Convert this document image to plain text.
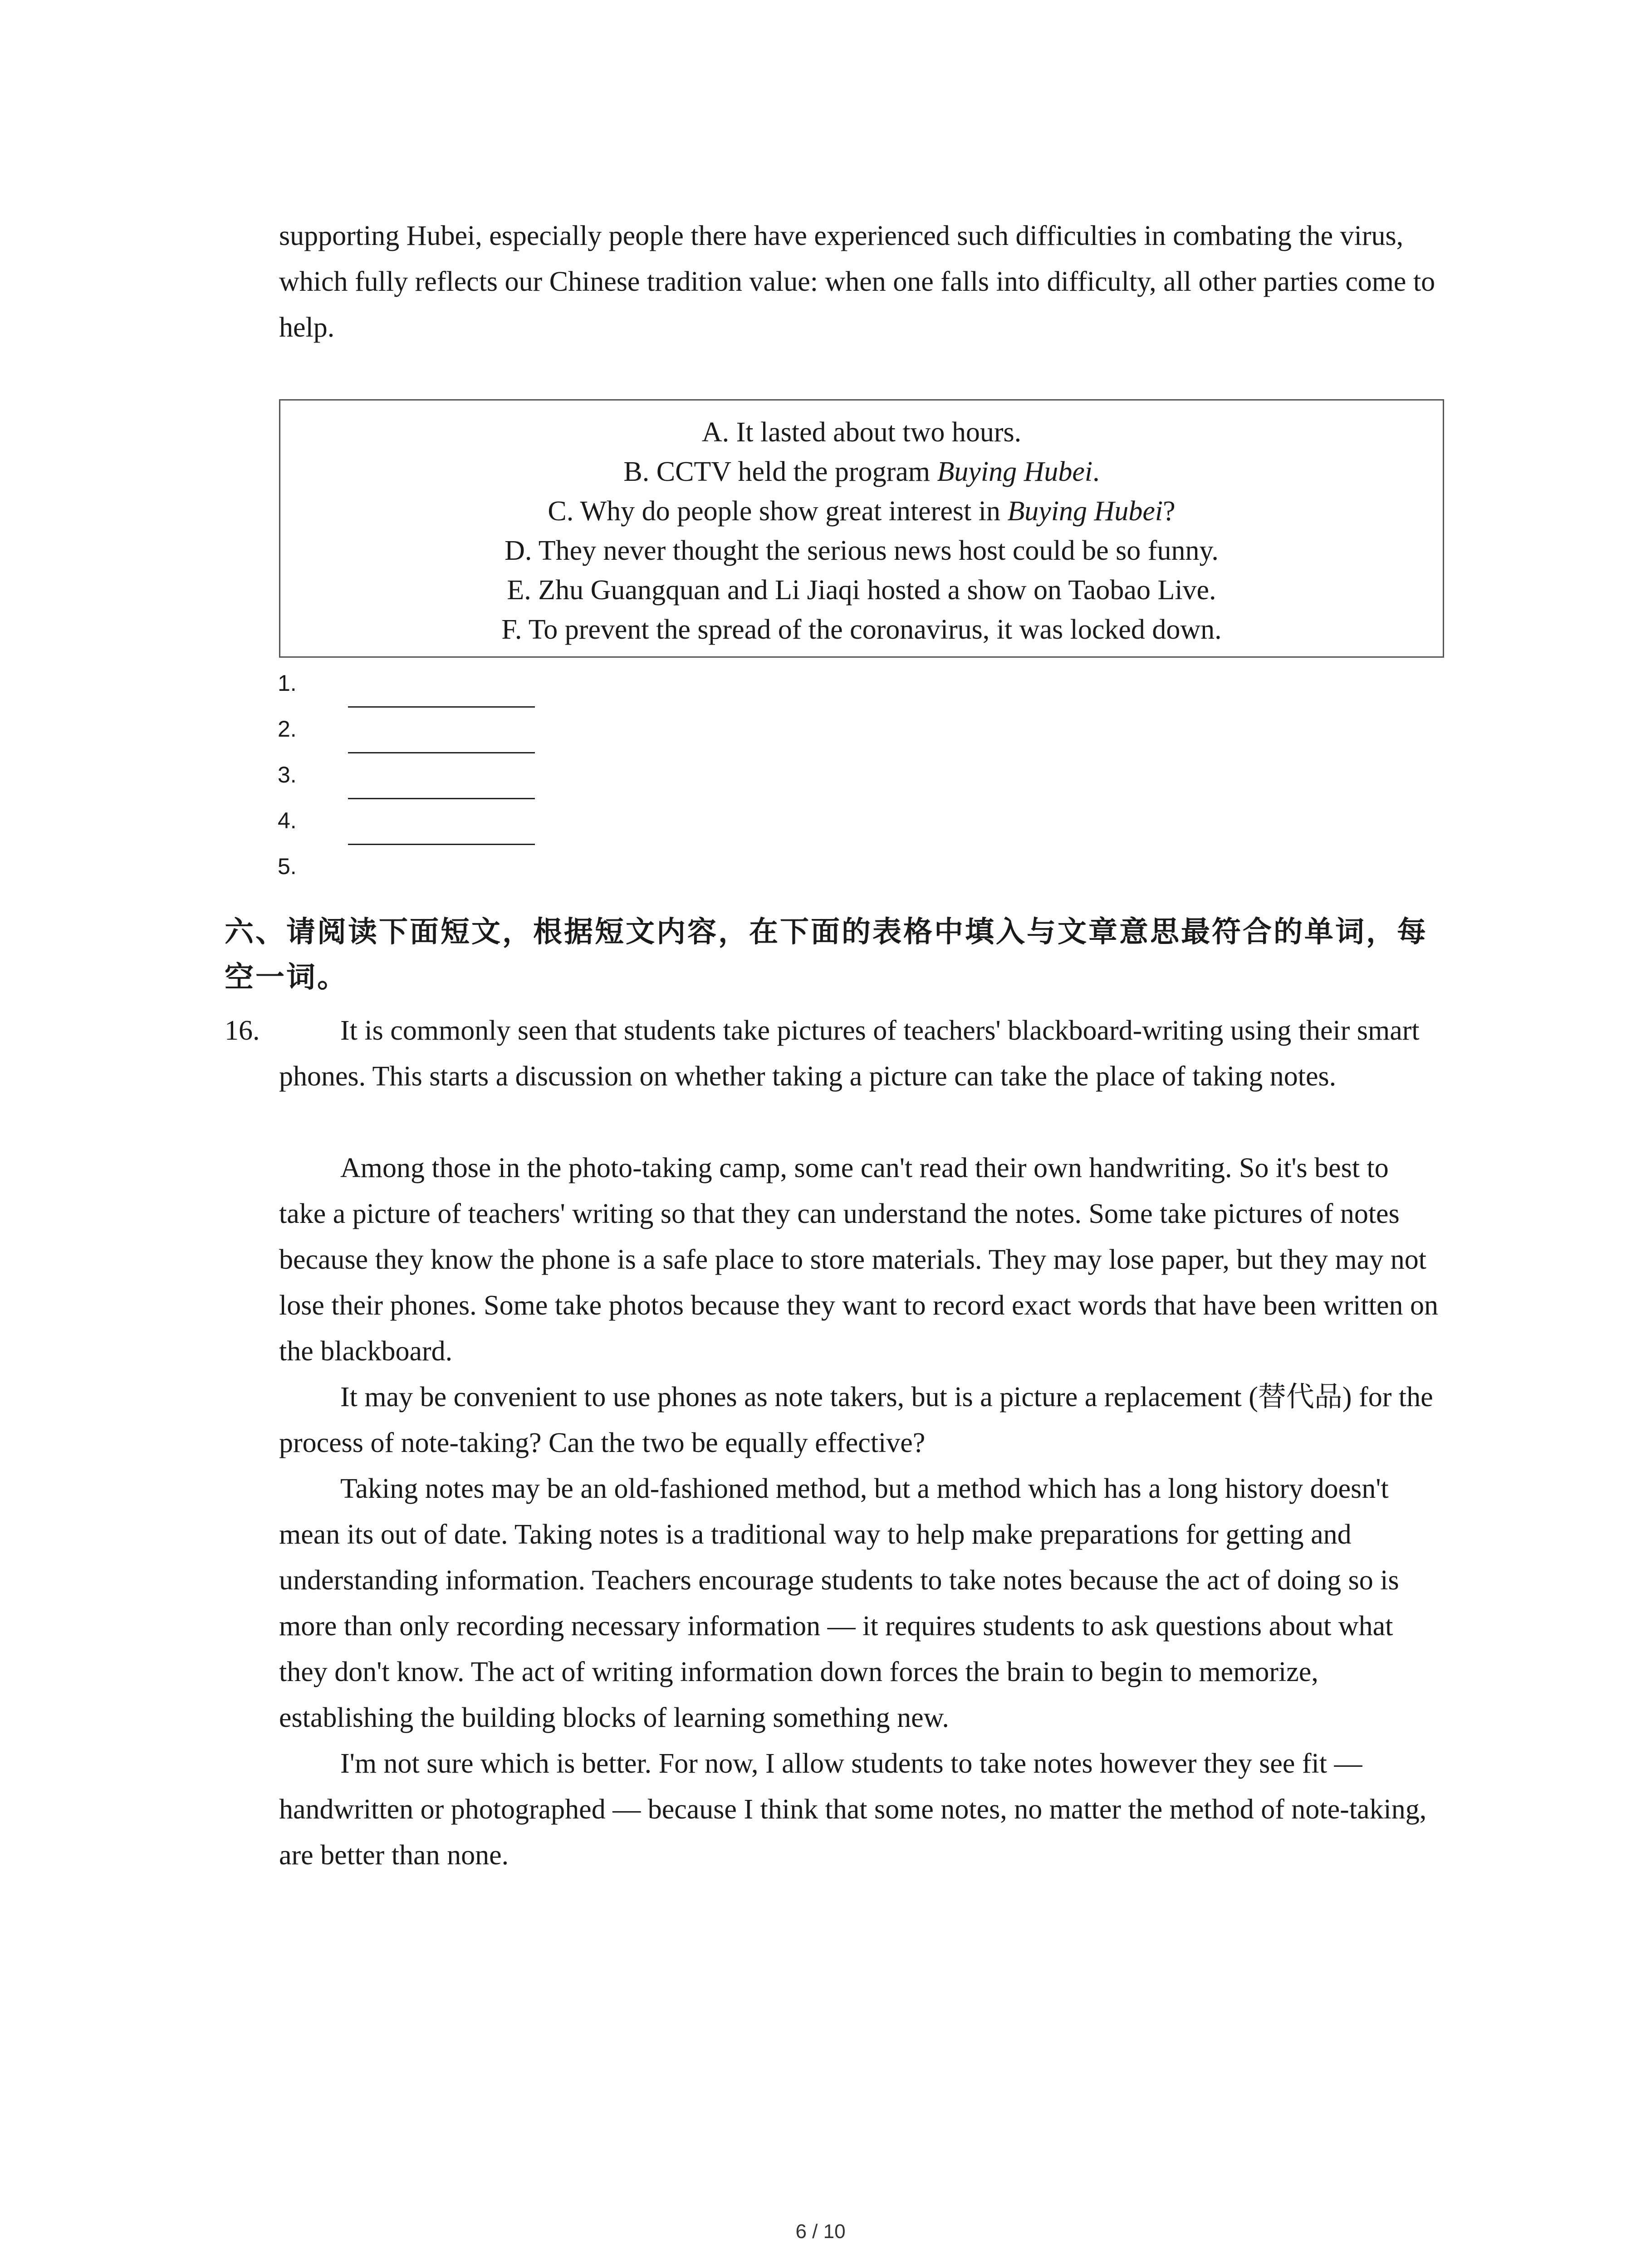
supporting Hubei, especially people there have experienced such difficulties in combating the virus, which fully reflects our Chinese tradition value: when one falls into difficulty, all other parties come to help.

A. It lasted about two hours.
B. CCTV held the program Buying Hubei.
C. Why do people show great interest in Buying Hubei?
D. They never thought the serious news host could be so funny.
E. Zhu Guangquan and Li Jiaqi hosted a show on Taobao Live.
F. To prevent the spread of the coronavirus, it was locked down.
1.
2.
3.
4.
5.

六、请阅读下面短文，根据短文内容，在下面的表格中填入与文章意思最符合的单词，每空一词。

16.	It is commonly seen that students take pictures of teachers' blackboard-writing using their smart phones. This starts a discussion on whether taking a picture can take the place of taking notes.

Among those in the photo-taking camp, some can't read their own handwriting. So it's best to take a picture of teachers' writing so that they can understand the notes. Some take pictures of notes because they know the phone is a safe place to store materials. They may lose paper, but they may not lose their phones. Some take photos because they want to record exact words that have been written on the blackboard.

It may be convenient to use phones as note takers, but is a picture a replacement (替代品) for the process of note-taking? Can the two be equally effective?

Taking notes may be an old-fashioned method, but a method which has a long history doesn't mean its out of date. Taking notes is a traditional way to help make preparations for getting and understanding information. Teachers encourage students to take notes because the act of doing so is more than only recording necessary information — it requires students to ask questions about what they don't know. The act of writing information down forces the brain to begin to memorize, establishing the building blocks of learning something new.

I'm not sure which is better. For now, I allow students to take notes however they see fit — handwritten or photographed — because I think that some notes, no matter the method of note-taking, are better than none.

6 / 10
